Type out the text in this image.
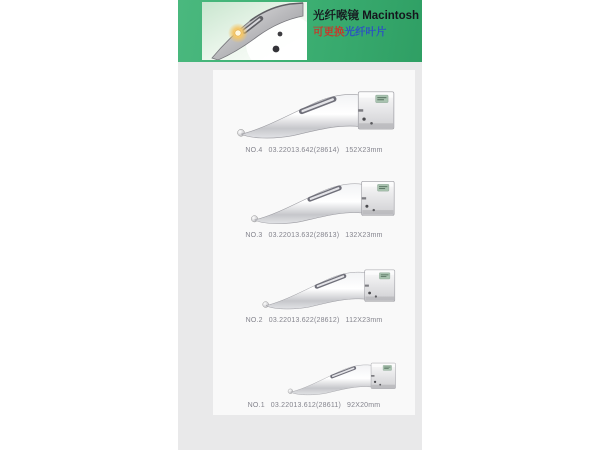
光纤喉镜 Macintosh
可更换光纤叶片
NO.4 03.22013.642(28614) 152X23mm
NO.3 03.22013.632(28613) 132X23mm
NO.2 03.22013.622(28612) 112X23mm
NO.1 03.22013.612(28611) 92X20mm
